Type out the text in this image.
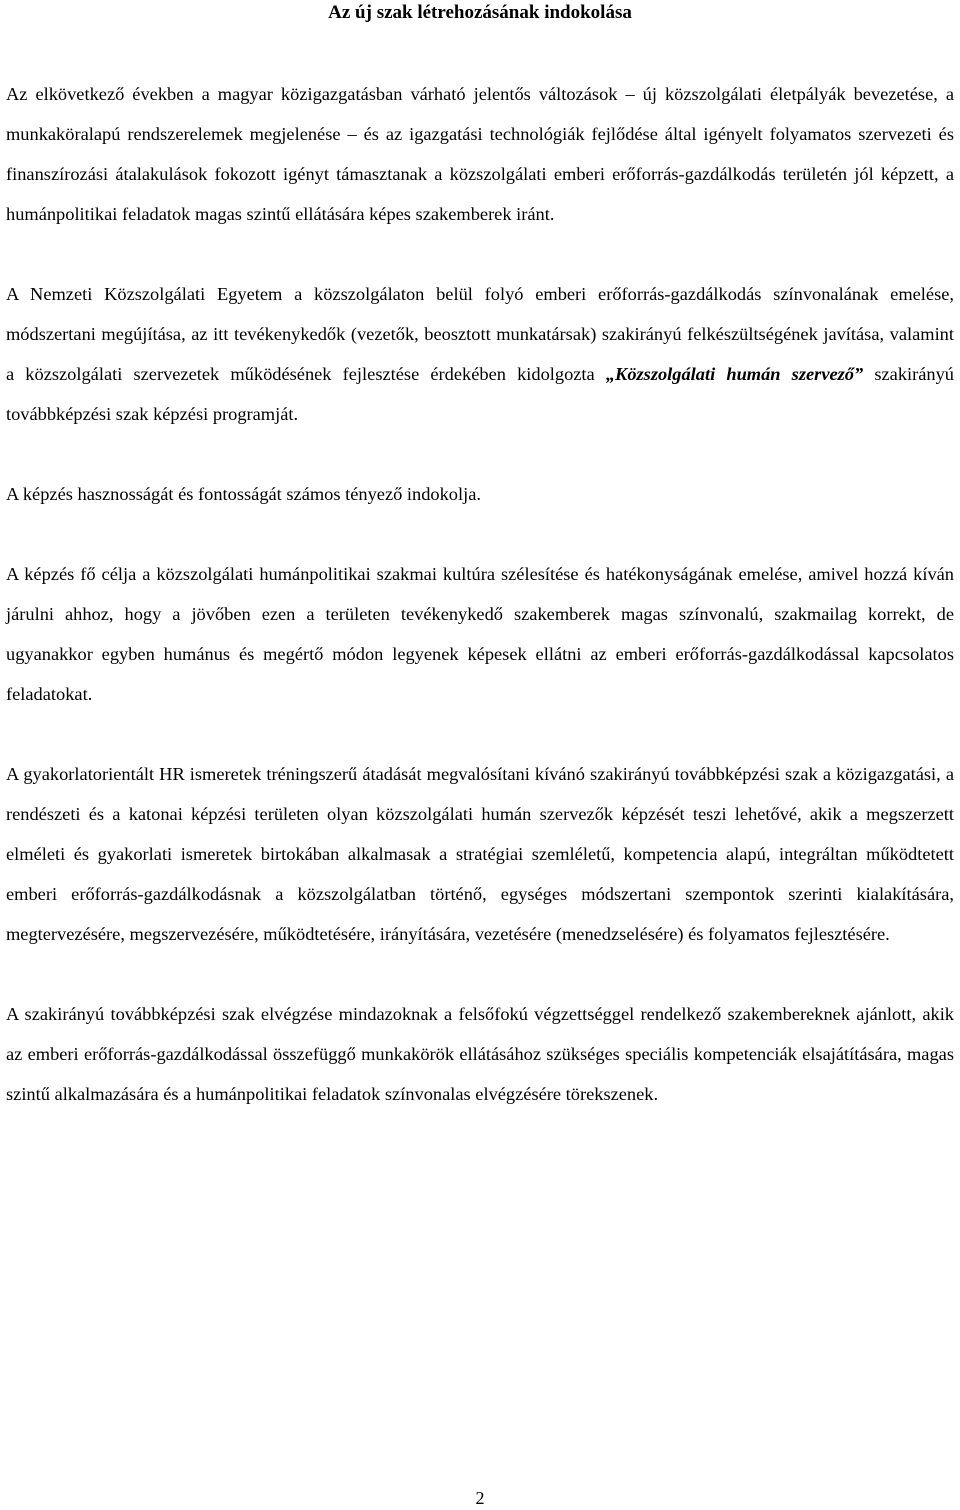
Az új szak létrehozásának indokolása

Az elkövetkező években a magyar közigazgatásban várható jelentős változások – új közszolgálati életpályák bevezetése, a munkaköralapú rendszerelemek megjelenése – és az igazgatási technológiák fejlődése által igényelt folyamatos szervezeti és finanszírozási átalakulások fokozott igényt támasztanak a közszolgálati emberi erőforrás-gazdálkodás területén jól képzett, a humánpolitikai feladatok magas szintű ellátására képes szakemberek iránt.

A Nemzeti Közszolgálati Egyetem a közszolgálaton belül folyó emberi erőforrás-gazdálkodás színvonalának emelése, módszertani megújítása, az itt tevékenykedők (vezetők, beosztott munkatársak) szakirányú felkészültségének javítása, valamint a közszolgálati szervezetek működésének fejlesztése érdekében kidolgozta „Közszolgálati humán szervező” szakirányú továbbképzési szak képzési programját.

A képzés hasznosságát és fontosságát számos tényező indokolja.

A képzés fő célja a közszolgálati humánpolitikai szakmai kultúra szélesítése és hatékonyságának emelése, amivel hozzá kíván járulni ahhoz, hogy a jövőben ezen a területen tevékenykedő szakemberek magas színvonalú, szakmailag korrekt, de ugyanakkor egyben humánus és megértő módon legyenek képesek ellátni az emberi erőforrás-gazdálkodással kapcsolatos feladatokat.

A gyakorlatorientált HR ismeretek tréningszerű átadását megvalósítani kívánó szakirányú továbbképzési szak a közigazgatási, a rendészeti és a katonai képzési területen olyan közszolgálati humán szervezők képzését teszi lehetővé, akik a megszerzett elméleti és gyakorlati ismeretek birtokában alkalmasak a stratégiai szemléletű, kompetencia alapú, integráltan működtetett emberi erőforrás-gazdálkodásnak a közszolgálatban történő, egységes módszertani szempontok szerinti kialakítására, megtervezésére, megszervezésére, működtetésére, irányítására, vezetésére (menedzselésére) és folyamatos fejlesztésére.

A szakirányú továbbképzési szak elvégzése mindazoknak a felsőfokú végzettséggel rendelkező szakembereknek ajánlott, akik az emberi erőforrás-gazdálkodással összefüggő munkakörök ellátásához szükséges speciális kompetenciák elsajátítására, magas szintű alkalmazására és a humánpolitikai feladatok színvonalas elvégzésére törekszenek.

2
